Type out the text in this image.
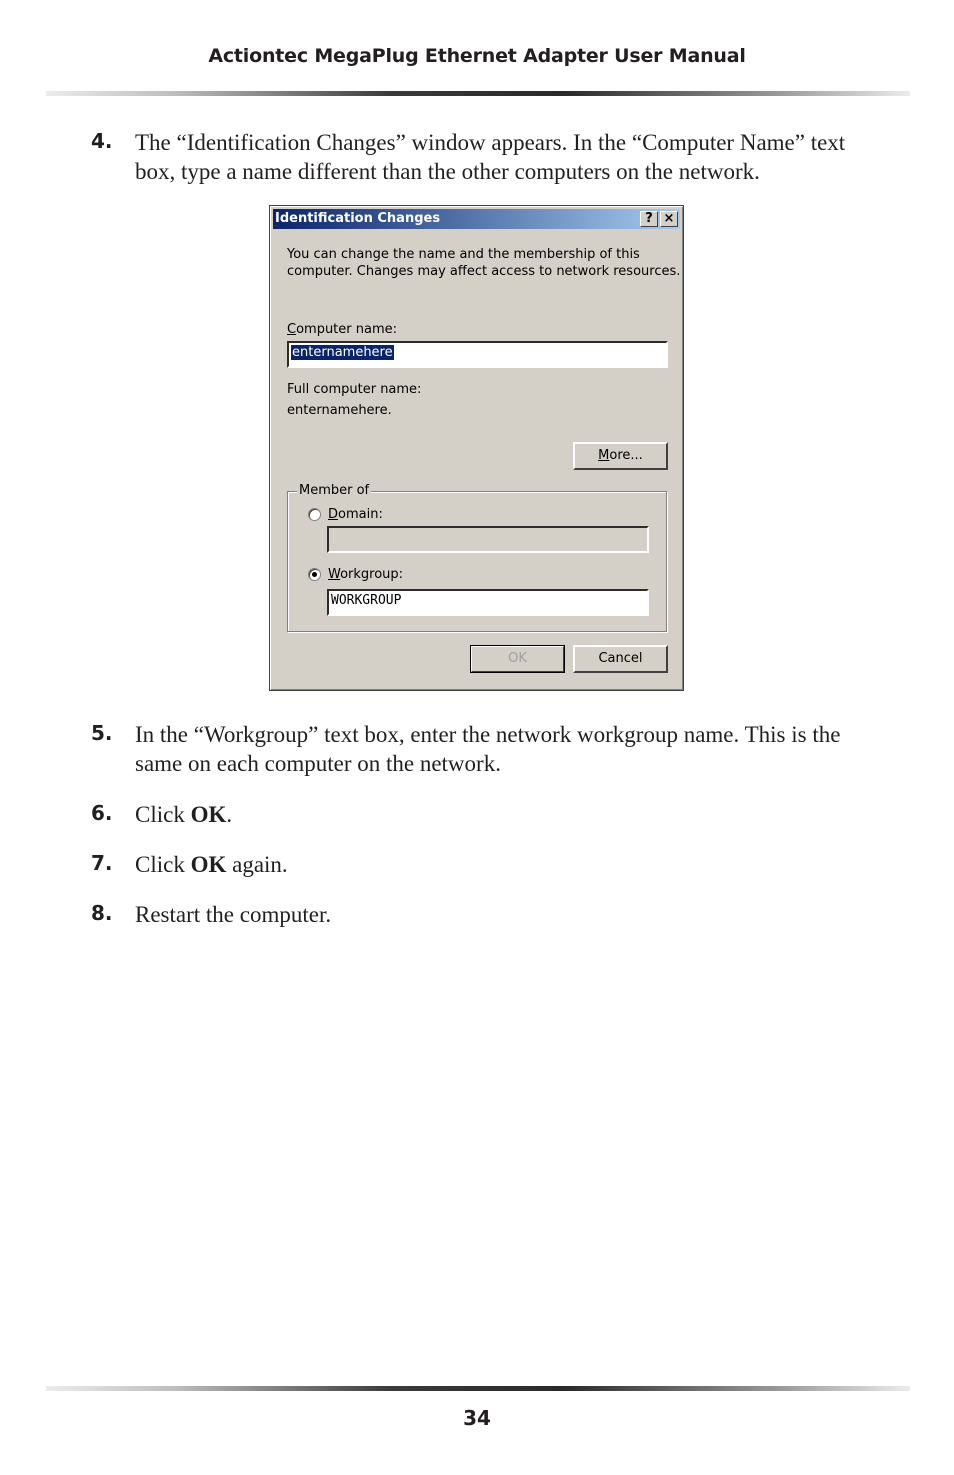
Actiontec MegaPlug Ethernet Adapter User Manual
4. The “Identification Changes” window appears. In the “Computer Name” text box, type a name different than the other computers on the network.
Identification Changes	? ×
You can change the name and the membership of this
computer. Changes may affect access to network resources.
Computer name:
enternamehere
Full computer name:
enternamehere.
More...
Member of
Domain:
Workgroup:
WORKGROUP
OK	Cancel
5. In the “Workgroup” text box, enter the network workgroup name. This is the same on each computer on the network.
6. Click OK.
7. Click OK again.
8. Restart the computer.
34
